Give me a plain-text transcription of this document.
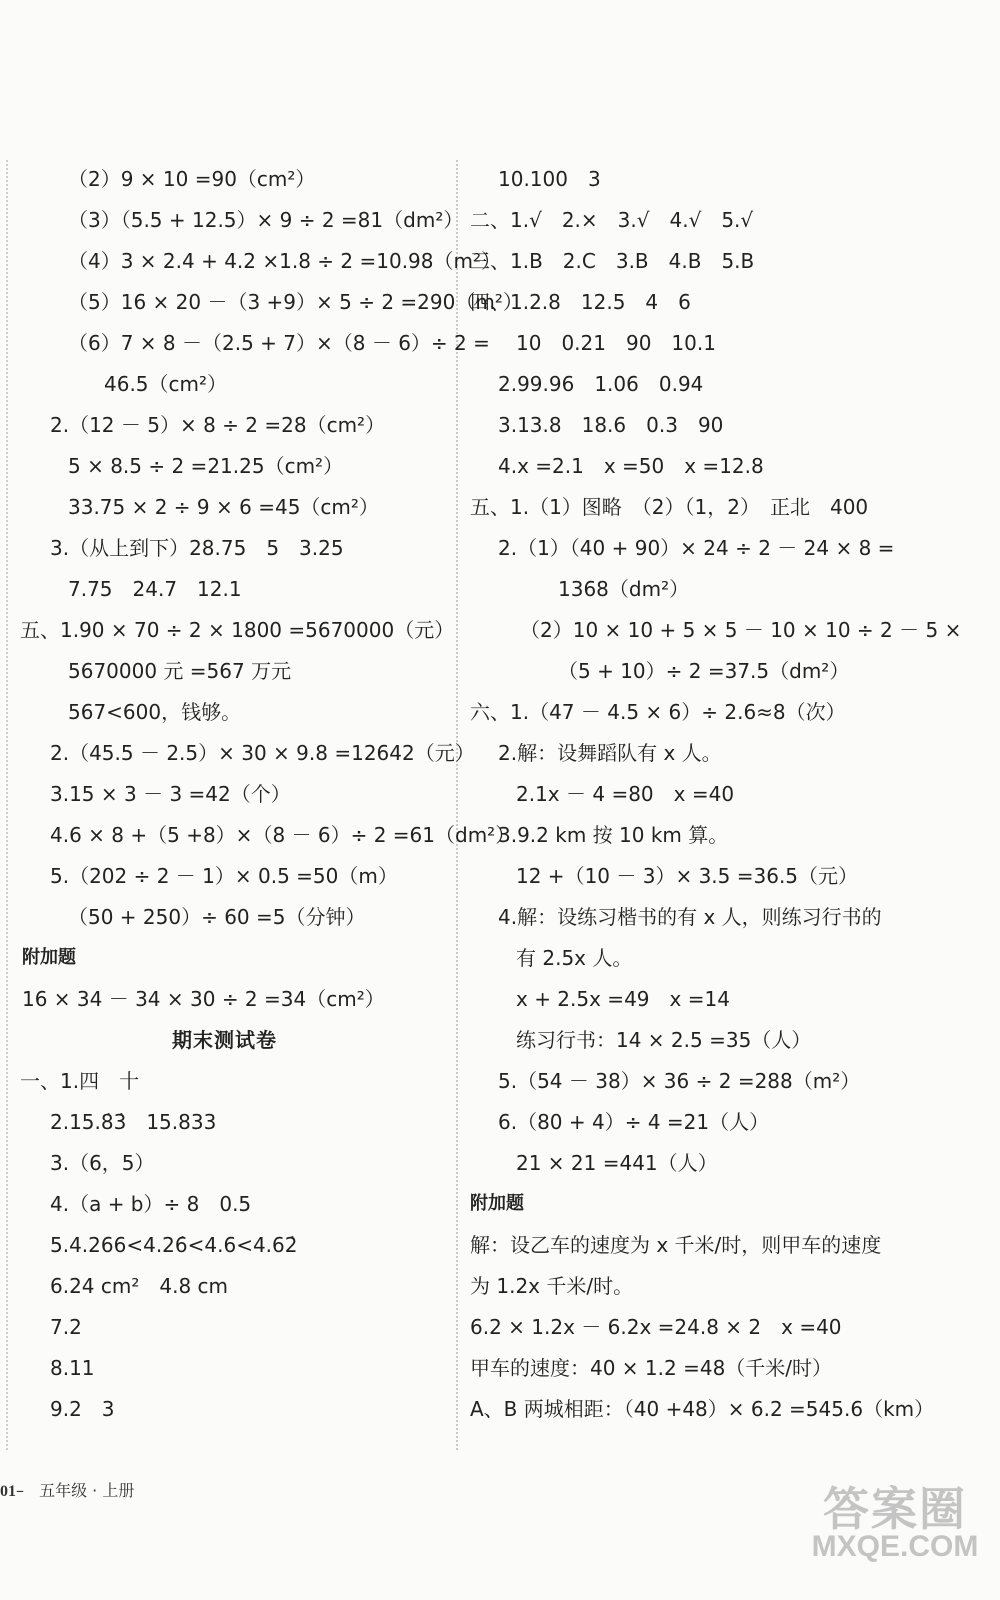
（2）9 × 10 =90（cm²）
（3）（5.5 + 12.5）× 9 ÷ 2 =81（dm²）
（4）3 × 2.4 + 4.2 ×1.8 ÷ 2 =10.98（m²）
（5）16 × 20 －（3 +9）× 5 ÷ 2 =290（m²）
（6）7 × 8 －（2.5 + 7）×（8 － 6）÷ 2 =
46.5（cm²）
2.（12 － 5）× 8 ÷ 2 =28（cm²）
5 × 8.5 ÷ 2 =21.25（cm²）
33.75 × 2 ÷ 9 × 6 =45（cm²）
3.（从上到下）28.75　5　3.25
7.75　24.7　12.1
五、1.90 × 70 ÷ 2 × 1800 =5670000（元）
5670000 元 =567 万元
567<600，钱够。
2.（45.5 － 2.5）× 30 × 9.8 =12642（元）
3.15 × 3 － 3 =42（个）
4.6 × 8 +（5 +8）×（8 － 6）÷ 2 =61（dm²）
5.（202 ÷ 2 － 1）× 0.5 =50（m）
（50 + 250）÷ 60 =5（分钟）
附加题
16 × 34 － 34 × 30 ÷ 2 =34（cm²）
期末测试卷
一、1.四　十
2.15.8̇3̇　15.833
3.（6，5）
4.（a + b）÷ 8　0.5
5.4.266<4.26̇<4.6<4.62̇
6.24 cm²　4.8 cm
7.2
8.11
9.2　3
10.100　3
二、1.√　2.×　3.√　4.√　5.√
三、1.B　2.C　3.B　4.B　5.B
四、1.2.8　12.5　4　6
10　0.21　90　10.1
2.99.96　1.06　0.94
3.13.8　18.6　0.3　90
4.x =2.1　x =50　x =12.8
五、1.（1）图略　（2）（1，2）　正北　400
2.（1）（40 + 90）× 24 ÷ 2 － 24 × 8 =
1368（dm²）
（2）10 × 10 + 5 × 5 － 10 × 10 ÷ 2 － 5 ×
（5 + 10）÷ 2 =37.5（dm²）
六、1.（47 － 4.5 × 6）÷ 2.6≈8（次）
2.解：设舞蹈队有 x 人。
2.1x － 4 =80　x =40
3.9.2 km 按 10 km 算。
12 +（10 － 3）× 3.5 =36.5（元）
4.解：设练习楷书的有 x 人，则练习行书的
有 2.5x 人。
x + 2.5x =49　x =14
练习行书：14 × 2.5 =35（人）
5.（54 － 38）× 36 ÷ 2 =288（m²）
6.（80 + 4）÷ 4 =21（人）
21 × 21 =441（人）
附加题
解：设乙车的速度为 x 千米/时，则甲车的速度
为 1.2x 千米/时。
6.2 × 1.2x － 6.2x =24.8 × 2　x =40
甲车的速度：40 × 1.2 =48（千米/时）
A、B 两城相距：（40 +48）× 6.2 =545.6（km）
01– 五年级 · 上册	答案圈
MXQE.COM
